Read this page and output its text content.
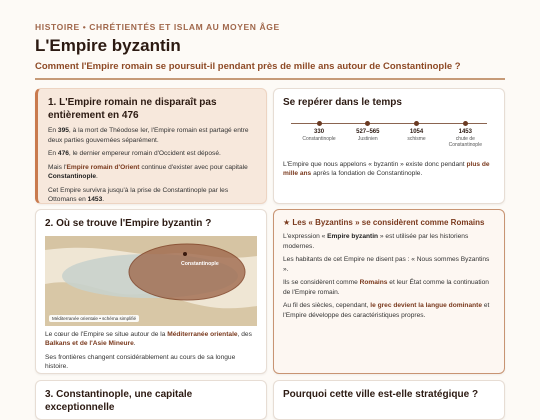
HISTOIRE • CHRÉTIENTÉS ET ISLAM AU MOYEN ÂGE
L'Empire byzantin
Comment l'Empire romain se poursuit-il pendant près de mille ans autour de Constantinople ?
1. L'Empire romain ne disparaît pas entièrement en 476

En 395, à la mort de Théodose Ier, l'Empire romain est partagé entre deux parties gouvernées séparément.

En 476, le dernier empereur romain d'Occident est déposé.

Mais l'Empire romain d'Orient continue d'exister avec pour capitale Constantinople.

Cet Empire survivra jusqu'à la prise de Constantinople par les Ottomans en 1453.

Se repérer dans le temps
330
Constantinople
527–565
Justinien
1054
schisme
1453
chute de Constantinople

L'Empire que nous appelons « byzantin » existe donc pendant plus de mille ans après la fondation de Constantinople.

2. Où se trouve l'Empire byzantin ?
Constantinople
Méditerranée orientale • schéma simplifié

Le cœur de l'Empire se situe autour de la Méditerranée orientale, des Balkans et de l'Asie Mineure.

Ses frontières changent considérablement au cours de sa longue histoire.

★ Les « Byzantins » se considèrent comme Romains

L'expression « Empire byzantin » est utilisée par les historiens modernes.

Les habitants de cet Empire ne disent pas : « Nous sommes Byzantins ».

Ils se considèrent comme Romains et leur État comme la continuation de l'Empire romain.

Au fil des siècles, cependant, le grec devient la langue dominante et l'Empire développe des caractéristiques propres.

3. Constantinople, une capitale exceptionnelle
Pourquoi cette ville est-elle stratégique ?
